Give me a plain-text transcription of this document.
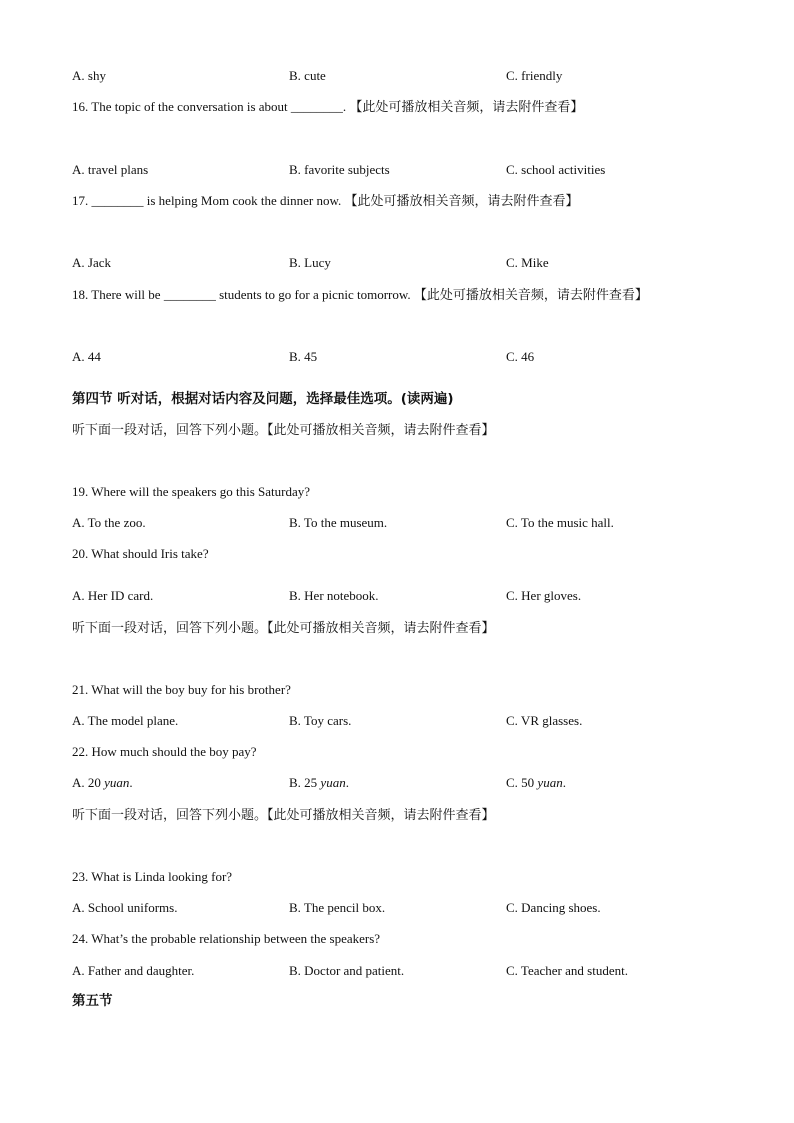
A. shy	B. cute	C. friendly
16. The topic of the conversation is about ________. 【此处可播放相关音频，请去附件查看】
A. travel plans	B. favorite subjects	C. school activities
17. ________ is helping Mom cook the dinner now. 【此处可播放相关音频，请去附件查看】
A. Jack	B. Lucy	C. Mike
18. There will be ________ students to go for a picnic tomorrow. 【此处可播放相关音频，请去附件查看】
A. 44	B. 45	C. 46
第四节 听对话，根据对话内容及问题，选择最佳选项。(读两遍)
听下面一段对话，回答下列小题。【此处可播放相关音频，请去附件查看】
19. Where will the speakers go this Saturday?
A. To the zoo.	B. To the museum.	C. To the music hall.
20. What should Iris take?
A. Her ID card.	B. Her notebook.	C. Her gloves.
听下面一段对话，回答下列小题。【此处可播放相关音频，请去附件查看】
21. What will the boy buy for his brother?
A. The model plane.	B. Toy cars.	C. VR glasses.
22. How much should the boy pay?
A. 20 yuan.	B. 25 yuan.	C. 50 yuan.
听下面一段对话，回答下列小题。【此处可播放相关音频，请去附件查看】
23. What is Linda looking for?
A. School uniforms.	B. The pencil box.	C. Dancing shoes.
24. What’s the probable relationship between the speakers?
A. Father and daughter.	B. Doctor and patient.	C. Teacher and student.
第五节
